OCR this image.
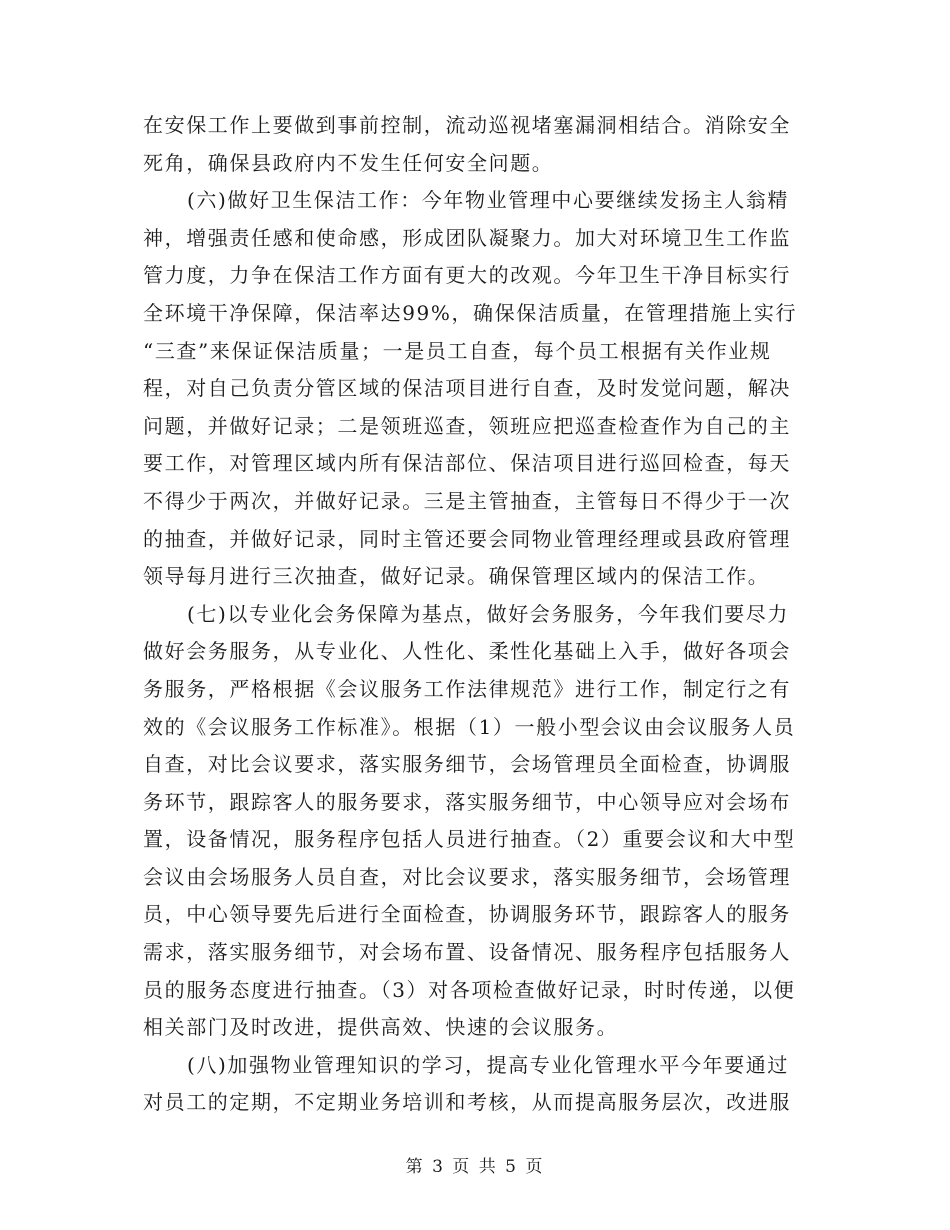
在安保工作上要做到事前控制，流动巡视堵塞漏洞相结合。消除安全
死角，确保县政府内不发生任何安全问题。
(六)做好卫生保洁工作：今年物业管理中心要继续发扬主人翁精
神，增强责任感和使命感，形成团队凝聚力。加大对环境卫生工作监
管力度，力争在保洁工作方面有更大的改观。今年卫生干净目标实行
全环境干净保障，保洁率达99%，确保保洁质量，在管理措施上实行
“三查”来保证保洁质量；一是员工自查，每个员工根据有关作业规
程，对自己负责分管区域的保洁项目进行自查，及时发觉问题，解决
问题，并做好记录；二是领班巡查，领班应把巡查检查作为自己的主
要工作，对管理区域内所有保洁部位、保洁项目进行巡回检查，每天
不得少于两次，并做好记录。三是主管抽查，主管每日不得少于一次
的抽查，并做好记录，同时主管还要会同物业管理经理或县政府管理
领导每月进行三次抽查，做好记录。确保管理区域内的保洁工作。
(七)以专业化会务保障为基点，做好会务服务，今年我们要尽力
做好会务服务，从专业化、人性化、柔性化基础上入手，做好各项会
务服务，严格根据《会议服务工作法律规范》进行工作，制定行之有
效的《会议服务工作标准》。根据（1）一般小型会议由会议服务人员
自查，对比会议要求，落实服务细节，会场管理员全面检查，协调服
务环节，跟踪客人的服务要求，落实服务细节，中心领导应对会场布
置，设备情况，服务程序包括人员进行抽查。（2）重要会议和大中型
会议由会场服务人员自查，对比会议要求，落实服务细节，会场管理
员，中心领导要先后进行全面检查，协调服务环节，跟踪客人的服务
需求，落实服务细节，对会场布置、设备情况、服务程序包括服务人
员的服务态度进行抽查。（3）对各项检查做好记录，时时传递，以便
相关部门及时改进，提供高效、快速的会议服务。
(八)加强物业管理知识的学习，提高专业化管理水平今年要通过
对员工的定期，不定期业务培训和考核，从而提高服务层次，改进服
第 3 页 共 5 页
